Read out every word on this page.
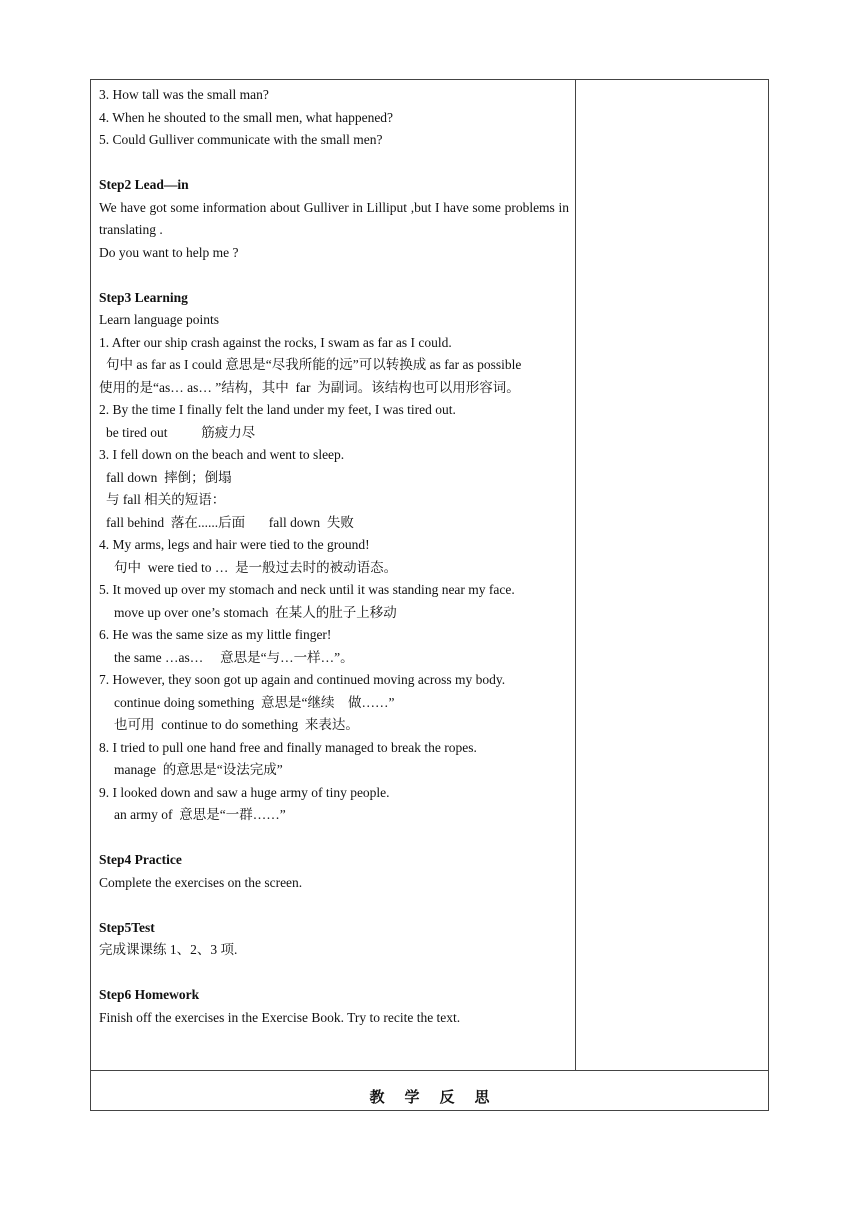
3. How tall was the small man?
4. When he shouted to the small men, what happened?
5. Could Gulliver communicate with the small men?
Step2 Lead—in
We have got some information about Gulliver in Lilliput ,but I have some problems in translating .
Do you want to help me ?
Step3 Learning
Learn language points
1. After our ship crash against the rocks, I swam as far as I could.
句中 as far as I could 意思是“尽我所能的远”可以转换成 as far as possible
使用的是“as… as… ”结构，其中  far  为副词。该结构也可以用形容词。
2. By the time I finally felt the land under my feet, I was tired out.
be tired out          筋疲力尽
3. I fell down on the beach and went to sleep.
fall down  摔倒；倒塌
与 fall 相关的短语：
fall behind  落在......后面       fall down  失败
4. My arms, legs and hair were tied to the ground!
句中  were tied to …  是一般过去时的被动语态。
5. It moved up over my stomach and neck until it was standing near my face.
move up over one’s stomach  在某人的肚子上移动
6. He was the same size as my little finger!
the same …as…     意思是“与…一样…”。
7. However, they soon got up again and continued moving across my body.
continue doing something  意思是“继续    做……”
也可用  continue to do something  来表达。
8. I tried to pull one hand free and finally managed to break the ropes.
manage  的意思是“设法完成”
9. I looked down and saw a huge army of tiny people.
an army of  意思是“一群……”
Step4 Practice
Complete the exercises on the screen.
Step5Test
完成课课练 1、2、3 项.
Step6 Homework
Finish off the exercises in the Exercise Book. Try to recite the text.
教学反思
